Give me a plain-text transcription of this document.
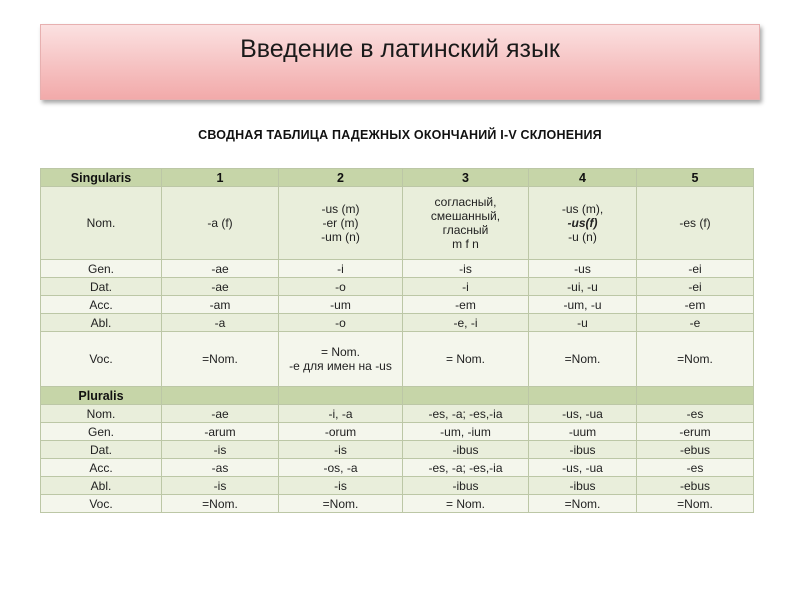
Введение в латинский язык
СВОДНАЯ ТАБЛИЦА ПАДЕЖНЫХ ОКОНЧАНИЙ I-V СКЛОНЕНИЯ
Singularis	1	2	3	4	5
Nom.	-a (f)	-us (m)
-er (m)
-um (n)	согласный,
смешанный,
гласный
m f n	-us (m),
-us(f)
-u (n)	-es (f)
Gen.	-ae	-i	-is	-us	-ei
Dat.	-ae	-o	-i	-ui, -u	-ei
Acc.	-am	-um	-em	-um, -u	-em
Abl.	-a	-o	-e, -i	-u	-e
Voc.	=Nom.	= Nom.
-e для имен на -us	= Nom.	=Nom.	=Nom.
Pluralis					
Nom.	-ae	-i, -a	-es, -a; -es,-ia	-us, -ua	-es
Gen.	-arum	-orum	-um, -ium	-uum	-erum
Dat.	-is	-is	-ibus	-ibus	-ebus
Acc.	-as	-os, -a	-es, -a; -es,-ia	-us, -ua	-es
Abl.	-is	-is	-ibus	-ibus	-ebus
Voc.	=Nom.	=Nom.	= Nom.	=Nom.	=Nom.
